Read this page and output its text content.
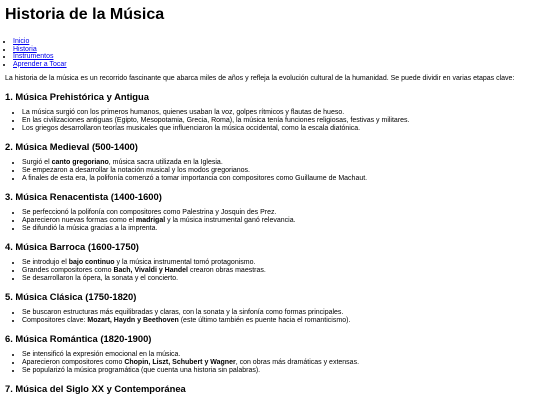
Historia de la Música
• Inicio
• Historia
• Instrumentos
• Aprender a Tocar

La historia de la música es un recorrido fascinante que abarca miles de años y refleja la evolución cultural de la humanidad. Se puede dividir en varias etapas clave:

1. Música Prehistórica y Antigua
• La música surgió con los primeros humanos, quienes usaban la voz, golpes rítmicos y flautas de hueso.
• En las civilizaciones antiguas (Egipto, Mesopotamia, Grecia, Roma), la música tenía funciones religiosas, festivas y militares.
• Los griegos desarrollaron teorías musicales que influenciaron la música occidental, como la escala diatónica.
2. Música Medieval (500-1400)
• Surgió el canto gregoriano, música sacra utilizada en la Iglesia.
• Se empezaron a desarrollar la notación musical y los modos gregorianos.
• A finales de esta era, la polifonía comenzó a tomar importancia con compositores como Guillaume de Machaut.
3. Música Renacentista (1400-1600)
• Se perfeccionó la polifonía con compositores como Palestrina y Josquin des Prez.
• Aparecieron nuevas formas como el madrigal y la música instrumental ganó relevancia.
• Se difundió la música gracias a la imprenta.
4. Música Barroca (1600-1750)
• Se introdujo el bajo continuo y la música instrumental tomó protagonismo.
• Grandes compositores como Bach, Vivaldi y Handel crearon obras maestras.
• Se desarrollaron la ópera, la sonata y el concierto.
5. Música Clásica (1750-1820)
• Se buscaron estructuras más equilibradas y claras, con la sonata y la sinfonía como formas principales.
• Compositores clave: Mozart, Haydn y Beethoven (este último también es puente hacia el romanticismo).
6. Música Romántica (1820-1900)
• Se intensificó la expresión emocional en la música.
• Aparecieron compositores como Chopin, Liszt, Schubert y Wagner, con obras más dramáticas y extensas.
• Se popularizó la música programática (que cuenta una historia sin palabras).
7. Música del Siglo XX y Contemporánea
